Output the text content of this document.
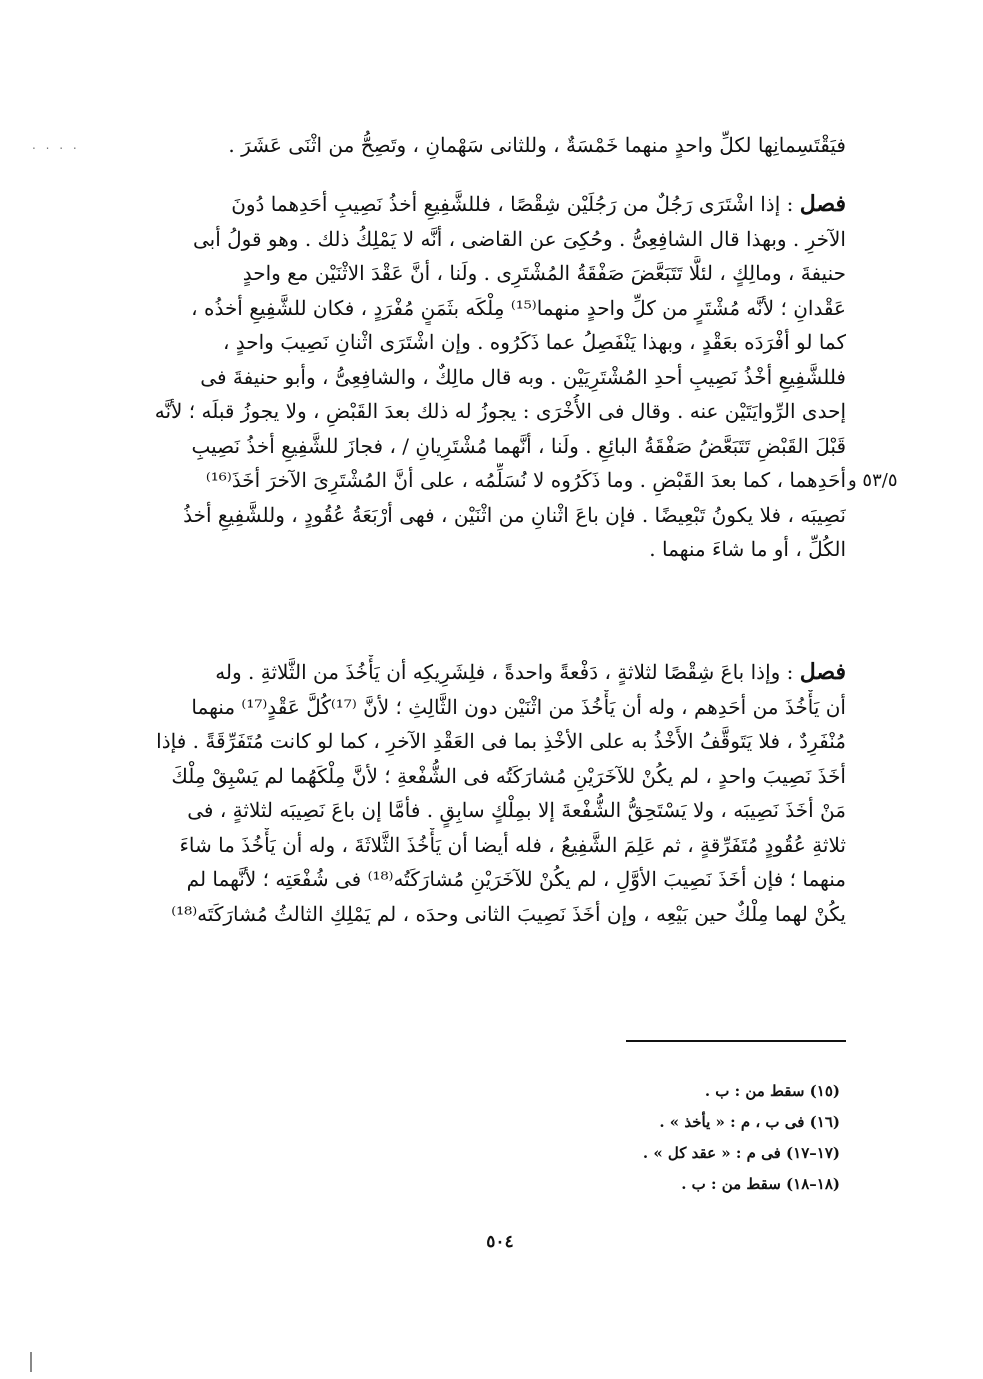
. . . .	فيَقْتَسِمانِها لكلِّ واحدٍ منهما خَمْسَةٌ ، وللثانى سَهْمانِ ، وتَصِحُّ من اثْنَى عَشَرَ .
فصل : إذا اشْتَرَى رَجُلٌ من رَجُلَيْن شِقْصًا ، فللشَّفِيعِ أخذُ نَصِيبِ أحَدِهما دُونَ
الآخرِ . وبهذا قال الشافِعِىُّ . وحُكِىَ عن القاضى ، أنَّه لا يَمْلِكُ ذلك . وهو قولُ أبى
حنيفةَ ، ومالِكٍ ، لئلَّا تَتَبَعَّضَ صَفْقَةُ المُشْتَرِى . ولَنا ، أنَّ عَقْدَ الاثْنَيْن مع واحدٍ
عَقْدانِ ؛ لأنَّه مُشْتَرٍ من كلِّ واحدٍ منهما⁽¹⁵⁾ مِلْكَه بثَمَنٍ مُفْرَدٍ ، فكان للشَّفِيعِ أخذُه ،
كما لو أفْرَدَه بعَقْدٍ ، وبهذا يَنْفَصِلُ عما ذَكَرُوه . وإن اشْتَرَى اثْنانِ نَصِيبَ واحدٍ ،
فللشَّفِيعِ أخْذُ نَصِيبِ أحدِ المُشْتَرِيَيْن . وبه قال مالِكٌ ، والشافِعِىُّ ، وأبو حنيفةَ فى
إحدى الرِّوايَتَيْن عنه . وقال فى الأُخْرَى : يجوزُ له ذلك بعدَ القَبْضِ ، ولا يجوزُ قبلَه ؛ لأنَّه
قَبْلَ القَبْضِ تَتَبَعَّضُ صَفْقَةُ البائِعِ . ولَنا ، أنَّهما مُشْتَرِيانِ / ، فجازَ للشَّفِيعِ أخذُ نَصِيبِ
أحَدِهما ، كما بعدَ القَبْضِ . وما ذَكَرُوه لا نُسَلِّمُه ، على أنَّ المُشْتَرِىَ الآخرَ أخَذَ⁽¹⁶⁾
نَصِيبَه ، فلا يكونُ تَبْعِيضًا . فإن باعَ اثْنانِ من اثْنَيْن ، فهى أرْبَعَةُ عُقُودٍ ، وللشَّفِيعِ أخذُ
الكُلِّ ، أو ما شاءَ منهما .
٥٣/٥ و
فصل : وإذا باعَ شِقْصًا لثلاثةٍ ، دَفْعةً واحدةً ، فلِشَرِيكِه أن يَأْخُذَ من الثَّلاثةِ . وله
أن يَأْخُذَ من أحَدِهم ، وله أن يَأْخُذَ من اثْنَيْن دون الثَّالِثِ ؛ لأنَّ ⁽¹⁷⁾كُلَّ عَقْدٍ⁽¹⁷⁾ منهما
مُنْفَرِدٌ ، فلا يَتَوقَّفُ الأَخْذُ به على الأخْذِ بما فى العَقْدِ الآخرِ ، كما لو كانت مُتَفَرِّقَةً . فإذا
أخَذَ نَصِيبَ واحدٍ ، لم يكُنْ للآخَرَيْنِ مُشارَكَتُه فى الشُّفْعةِ ؛ لأنَّ مِلْكَهُما لم يَسْبِقْ مِلْكَ
مَنْ أخَذَ نَصِيبَه ، ولا يَسْتَحِقُّ الشُّفْعةَ إلا بمِلْكٍ سابِقٍ . فأمَّا إن باعَ نَصِيبَه لثلاثةٍ ، فى
ثلاثةِ عُقُودٍ مُتَفَرِّقةٍ ، ثم عَلِمَ الشَّفِيعُ ، فله أيضا أن يَأْخُذَ الثَّلاثَةَ ، وله أن يَأْخُذَ ما شاءَ
منهما ؛ فإن أخَذَ نَصِيبَ الأوَّلِ ، لم يكُنْ للآخَرَيْنِ مُشارَكَتُه⁽¹⁸⁾ فى شُفْعَتِه ؛ لأنَّهما لم
يكُنْ لهما مِلْكٌ حين بَيْعِه ، وإن أخَذَ نَصِيبَ الثانى وحدَه ، لم يَمْلِكِ الثالثُ مُشارَكَتَه⁽¹⁸⁾
(١٥) سقط من : ب .
(١٦) فى ب ، م : « يأخذ » .
(١٧–١٧) فى م : « عقد كل » .
(١٨–١٨) سقط من : ب .
٥٠٤
